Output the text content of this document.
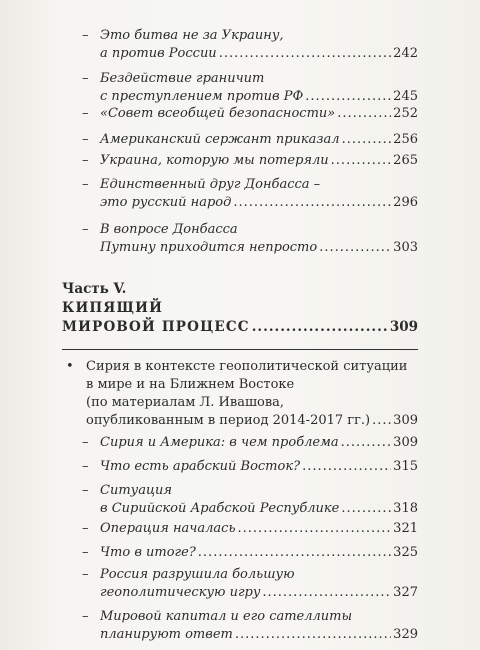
Часть V.
КИПЯЩИЙ
МИРОВОЙ ПРОЦЕСС .....	309
– Это битва не за Украину,
а против России .....	242
– Бездействие граничит
с преступлением против РФ .....	245
– «Совет всеобщей безопасности» .....	252
– Американский сержант приказал .....	256
– Украина, которую мы потеряли .....	265
– Единственный друг Донбасса –
это русский народ .....	296
– В вопросе Донбасса
Путину приходится непросто .....	303
• Сирия в контексте геополитической ситуации
в мире и на Ближнем Востоке
(по материалам Л. Ивашова,
опубликованным в период 2014-2017 гг.) ..... 309
– Сирия и Америка: в чем проблема .....	309
– Что есть арабский Восток? .....	315
– Ситуация
в Сирийской Арабской Республике .....	318
– Операция началась .....	321
– Что в итоге? .....	325
– Россия разрушила большую
геополитическую игру .....	327
– Мировой капитал и его сателлиты
планируют ответ .....	329
